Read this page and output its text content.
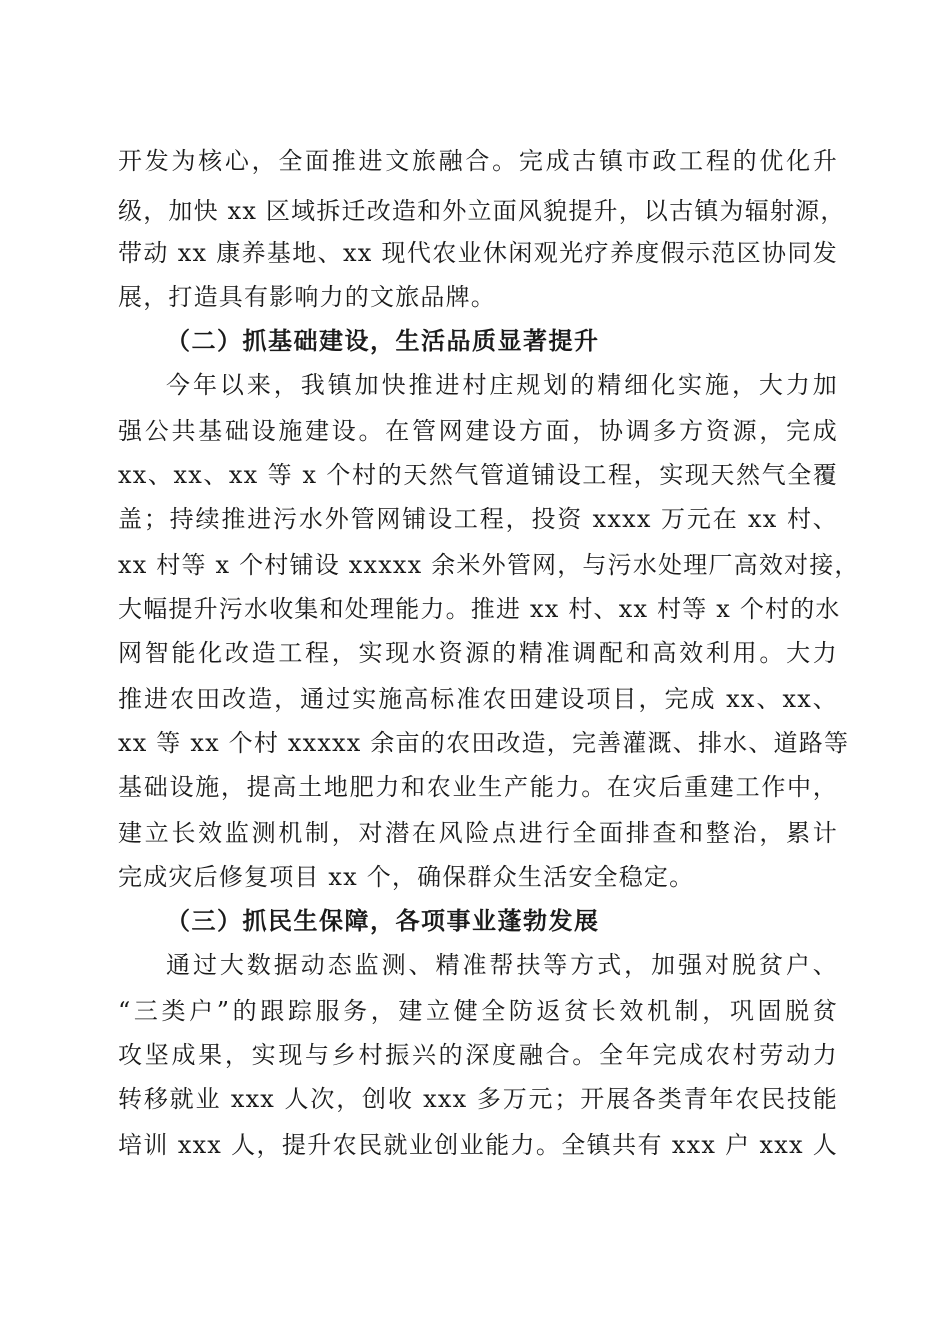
开发为核心，全面推进文旅融合。完成古镇市政工程的优化升
级，加快 xx 区域拆迁改造和外立面风貌提升，以古镇为辐射源，
带动 xx 康养基地、xx 现代农业休闲观光疗养度假示范区协同发
展，打造具有影响力的文旅品牌。
（二）抓基础建设，生活品质显著提升
今年以来，我镇加快推进村庄规划的精细化实施，大力加
强公共基础设施建设。在管网建设方面，协调多方资源，完成
xx、xx、xx 等 x 个村的天然气管道铺设工程，实现天然气全覆
盖；持续推进污水外管网铺设工程，投资 xxxx 万元在 xx 村、
xx 村等 x 个村铺设 xxxxx 余米外管网，与污水处理厂高效对接，
大幅提升污水收集和处理能力。推进 xx 村、xx 村等 x 个村的水
网智能化改造工程，实现水资源的精准调配和高效利用。大力
推进农田改造，通过实施高标准农田建设项目，完成 xx、xx、
xx 等 xx 个村 xxxxx 余亩的农田改造，完善灌溉、排水、道路等
基础设施，提高土地肥力和农业生产能力。在灾后重建工作中，
建立长效监测机制，对潜在风险点进行全面排查和整治，累计
完成灾后修复项目 xx 个，确保群众生活安全稳定。
（三）抓民生保障，各项事业蓬勃发展
通过大数据动态监测、精准帮扶等方式，加强对脱贫户、
“三类户”的跟踪服务，建立健全防返贫长效机制，巩固脱贫
攻坚成果，实现与乡村振兴的深度融合。全年完成农村劳动力
转移就业 xxx 人次，创收 xxx 多万元；开展各类青年农民技能
培训 xxx 人，提升农民就业创业能力。全镇共有 xxx 户 xxx 人
